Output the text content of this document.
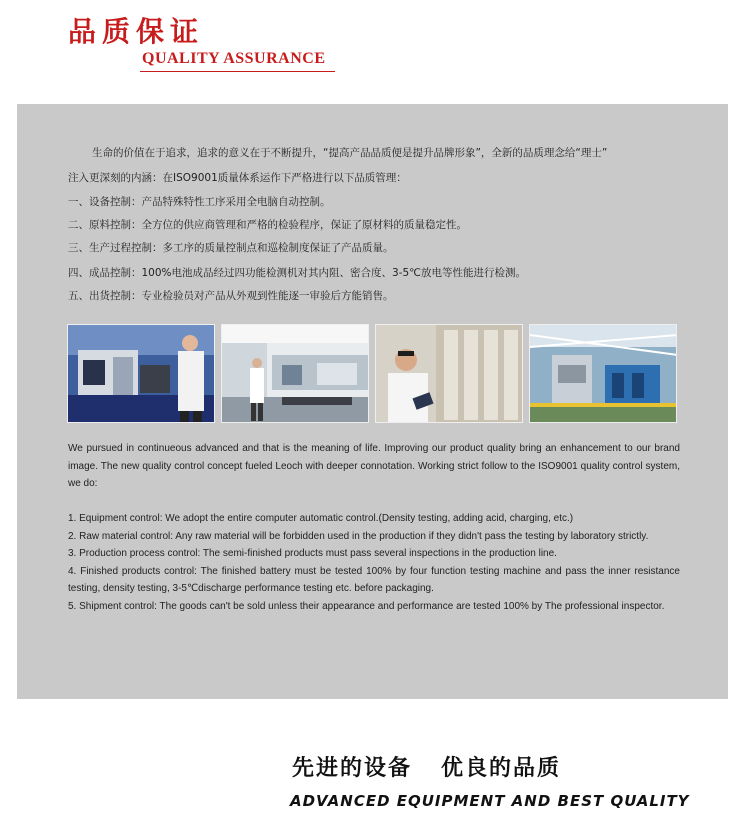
品质保证
QUALITY ASSURANCE
生命的价值在于追求，追求的意义在于不断提升，“提高产品品质便是提升品牌形象”，全新的品质理念给“理士”
注入更深刻的内涵：在ISO9001质量体系运作下严格进行以下品质管理：
一、设备控制：产品特殊特性工序采用全电脑自动控制。
二、原料控制：全方位的供应商管理和严格的检验程序，保证了原材料的质量稳定性。
三、生产过程控制：多工序的质量控制点和巡检制度保证了产品质量。
四、成品控制：100%电池成品经过四功能检测机对其内阻、密合度、3-5℃放电等性能进行检测。
五、出货控制：专业检验员对产品从外观到性能逐一审验后方能销售。

We pursued in continueous advanced and that is the meaning of life. Improving our product quality bring an enhancement to our brand image. The new quality control concept fueled Leoch with deeper connotation. Working strict follow to the ISO9001 quality control system, we do:

1. Equipment control: We adopt the entire computer automatic control.(Density testing, adding acid, charging, etc.)

2. Raw material control: Any raw material will be forbidden used in the production if they didn't pass the testing by laboratory strictly.

3. Production process control: The semi-finished products must pass several inspections in the production line.

4. Finished products control: The finished battery must be tested 100% by four function testing machine and pass the inner resistance testing, density testing, 3-5℃discharge performance testing etc. before packaging.

5. Shipment control: The goods can't be sold unless their appearance and performance are tested 100% by The professional inspector.

先进的设备   优良的品质
ADVANCED EQUIPMENT AND BEST QUALITY
